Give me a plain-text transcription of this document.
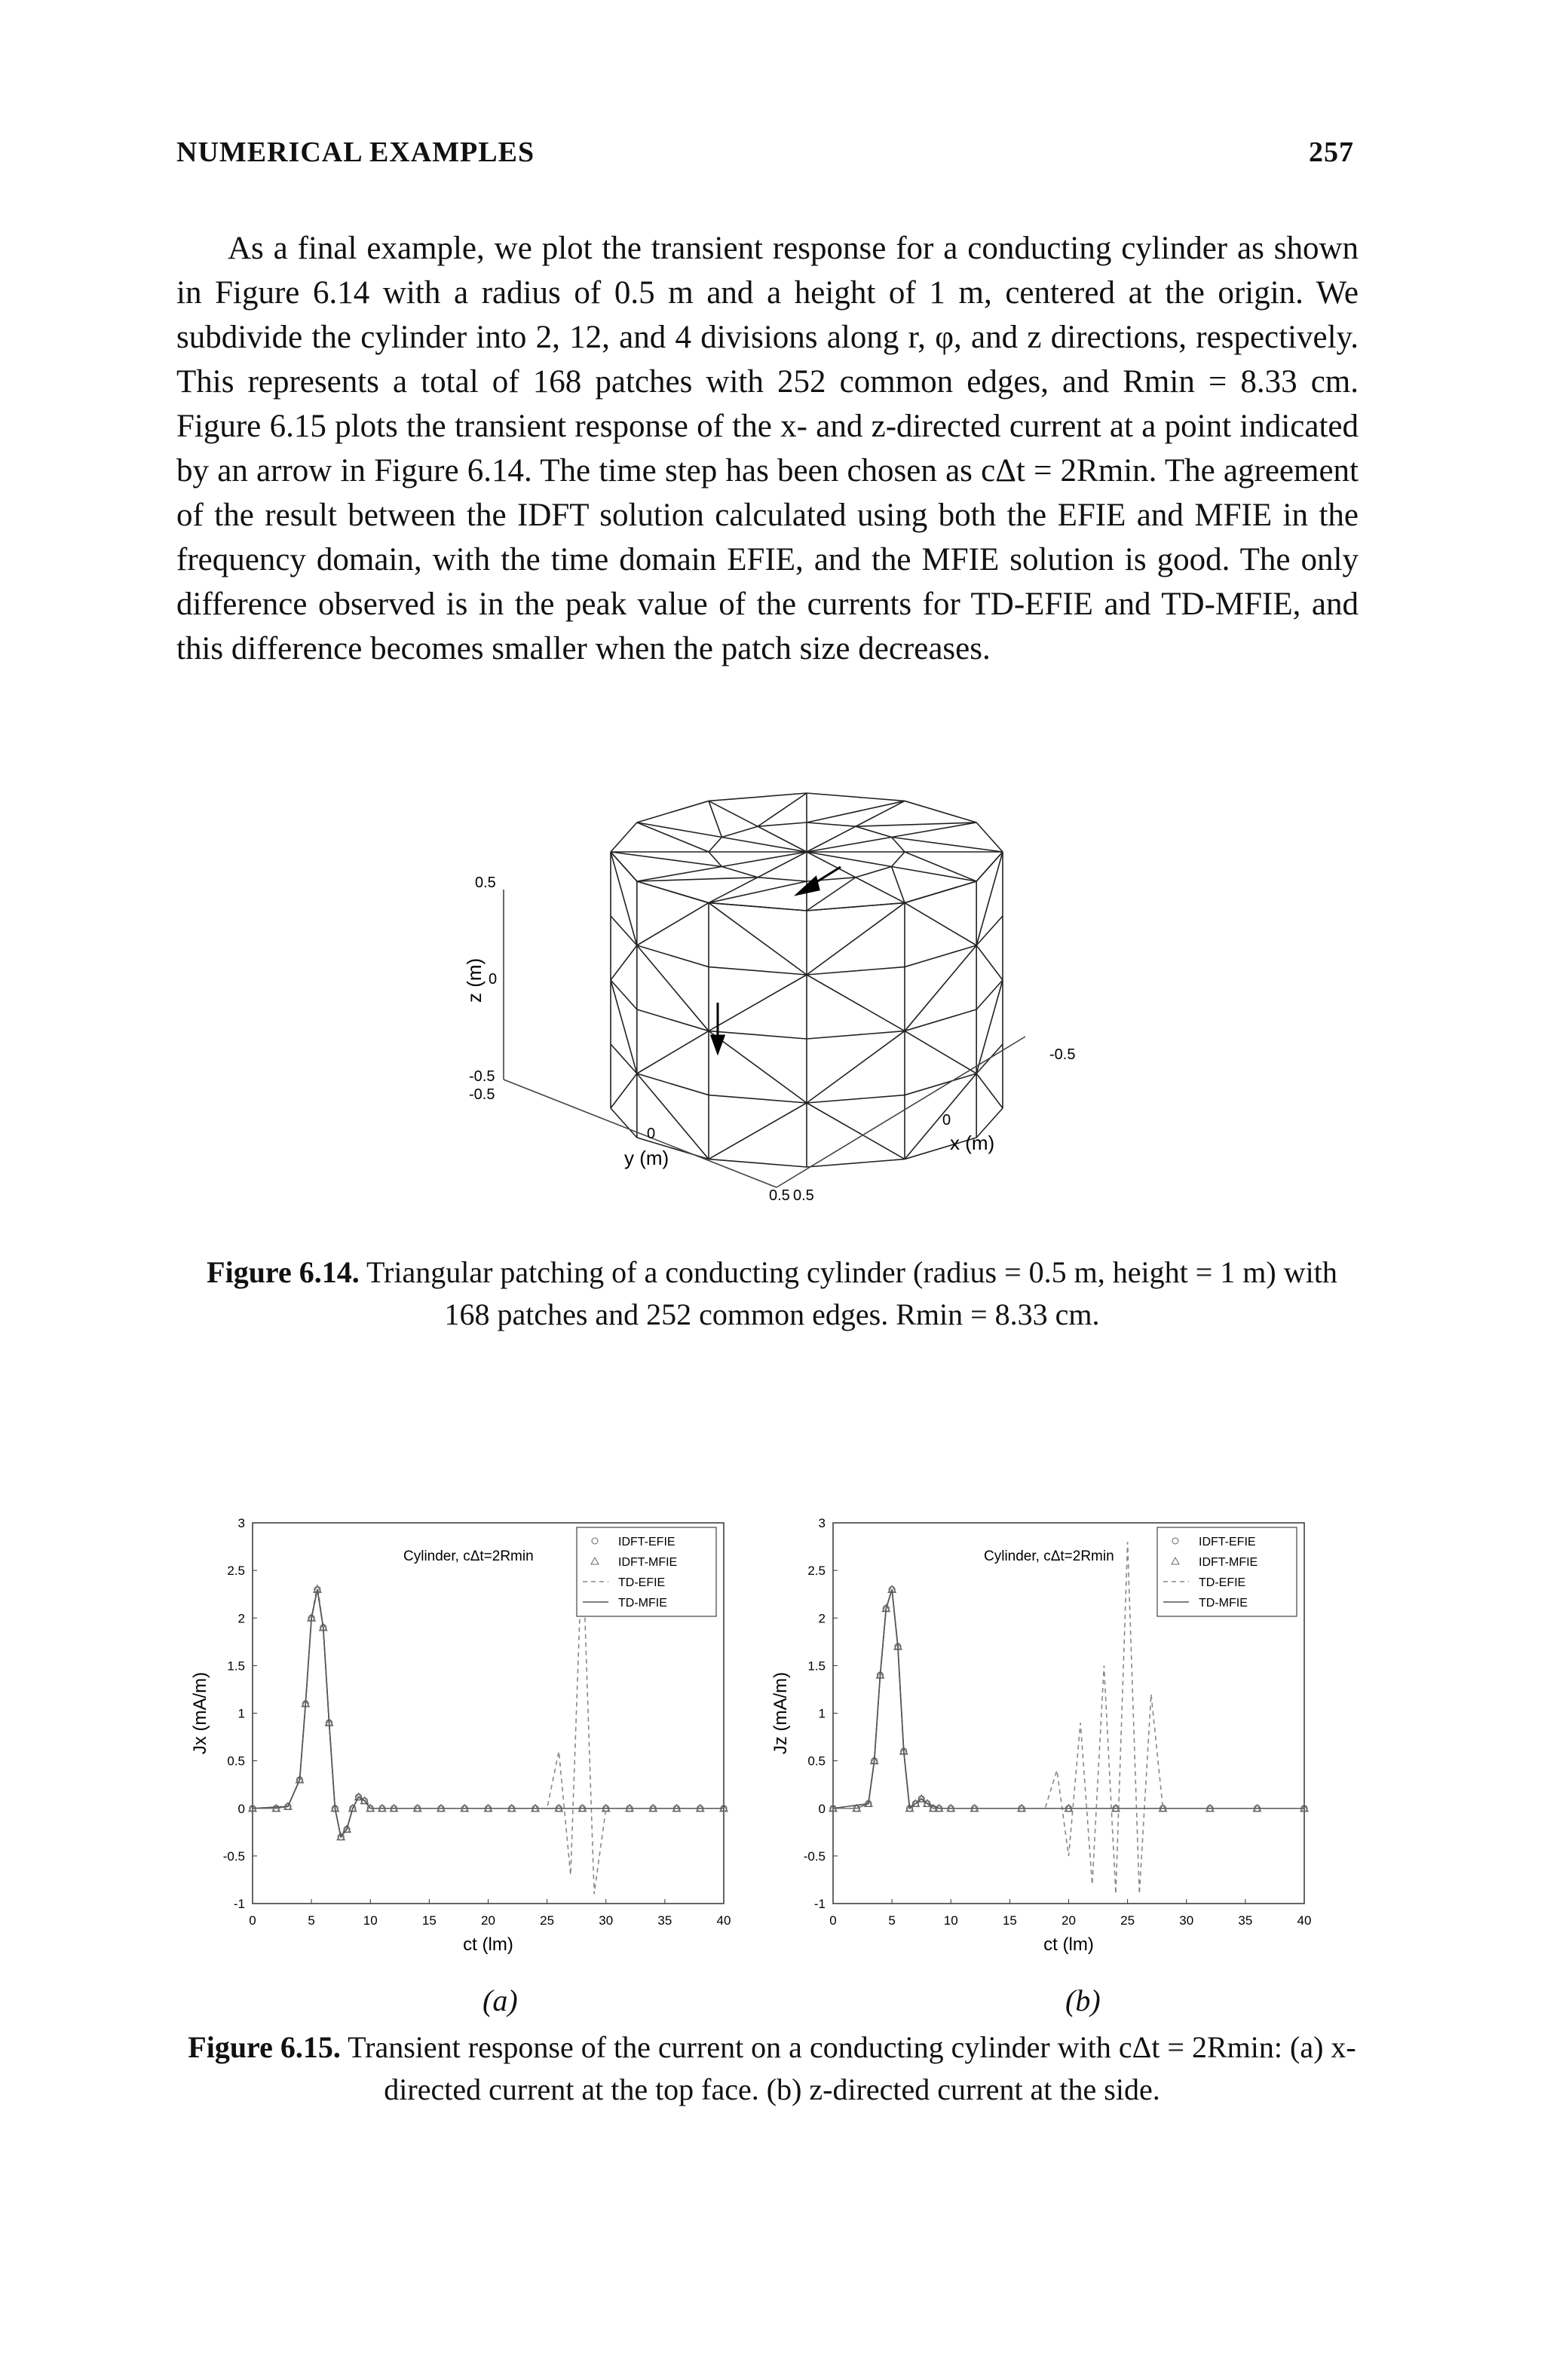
NUMERICAL EXAMPLES	257

As a final example, we plot the transient response for a conducting cylinder as shown in Figure 6.14 with a radius of 0.5 m and a height of 1 m, centered at the origin. We subdivide the cylinder into 2, 12, and 4 divisions along r, φ, and z directions, respectively. This represents a total of 168 patches with 252 common edges, and Rmin = 8.33 cm. Figure 6.15 plots the transient response of the x- and z-directed current at a point indicated by an arrow in Figure 6.14. The time step has been chosen as cΔt = 2Rmin. The agreement of the result between the IDFT solution calculated using both the EFIE and MFIE in the frequency domain, with the time domain EFIE, and the MFIE solution is good. The only difference observed is in the peak value of the currents for TD-EFIE and TD-MFIE, and this difference becomes smaller when the patch size decreases.

0.5
0
-0.5
-0.5
0
0.5
-0.5
0
0.5
z (m)
y (m)
x (m)
Figure 6.14. Triangular patching of a conducting cylinder (radius = 0.5 m, height = 1 m) with 168 patches and 252 common edges. Rmin = 8.33 cm.
0	5	10	15	20	25	30	35	40
-1
-0.5
0
0.5
1
1.5
2
2.5
3
Cylinder, cΔt=2Rmin
IDFT-EFIE
IDFT-MFIE
TD-EFIE
TD-MFIE
ct (lm)
Jx (mA/m)
0	5	10	15	20	25	30	35	40
-1
-0.5
0
0.5
1
1.5
2
2.5
3
Cylinder, cΔt=2Rmin
IDFT-EFIE
IDFT-MFIE
TD-EFIE
TD-MFIE
ct (lm)
Jz (mA/m)
(a)	(b)
Figure 6.15. Transient response of the current on a conducting cylinder with cΔt = 2Rmin: (a) x-directed current at the top face. (b) z-directed current at the side.
